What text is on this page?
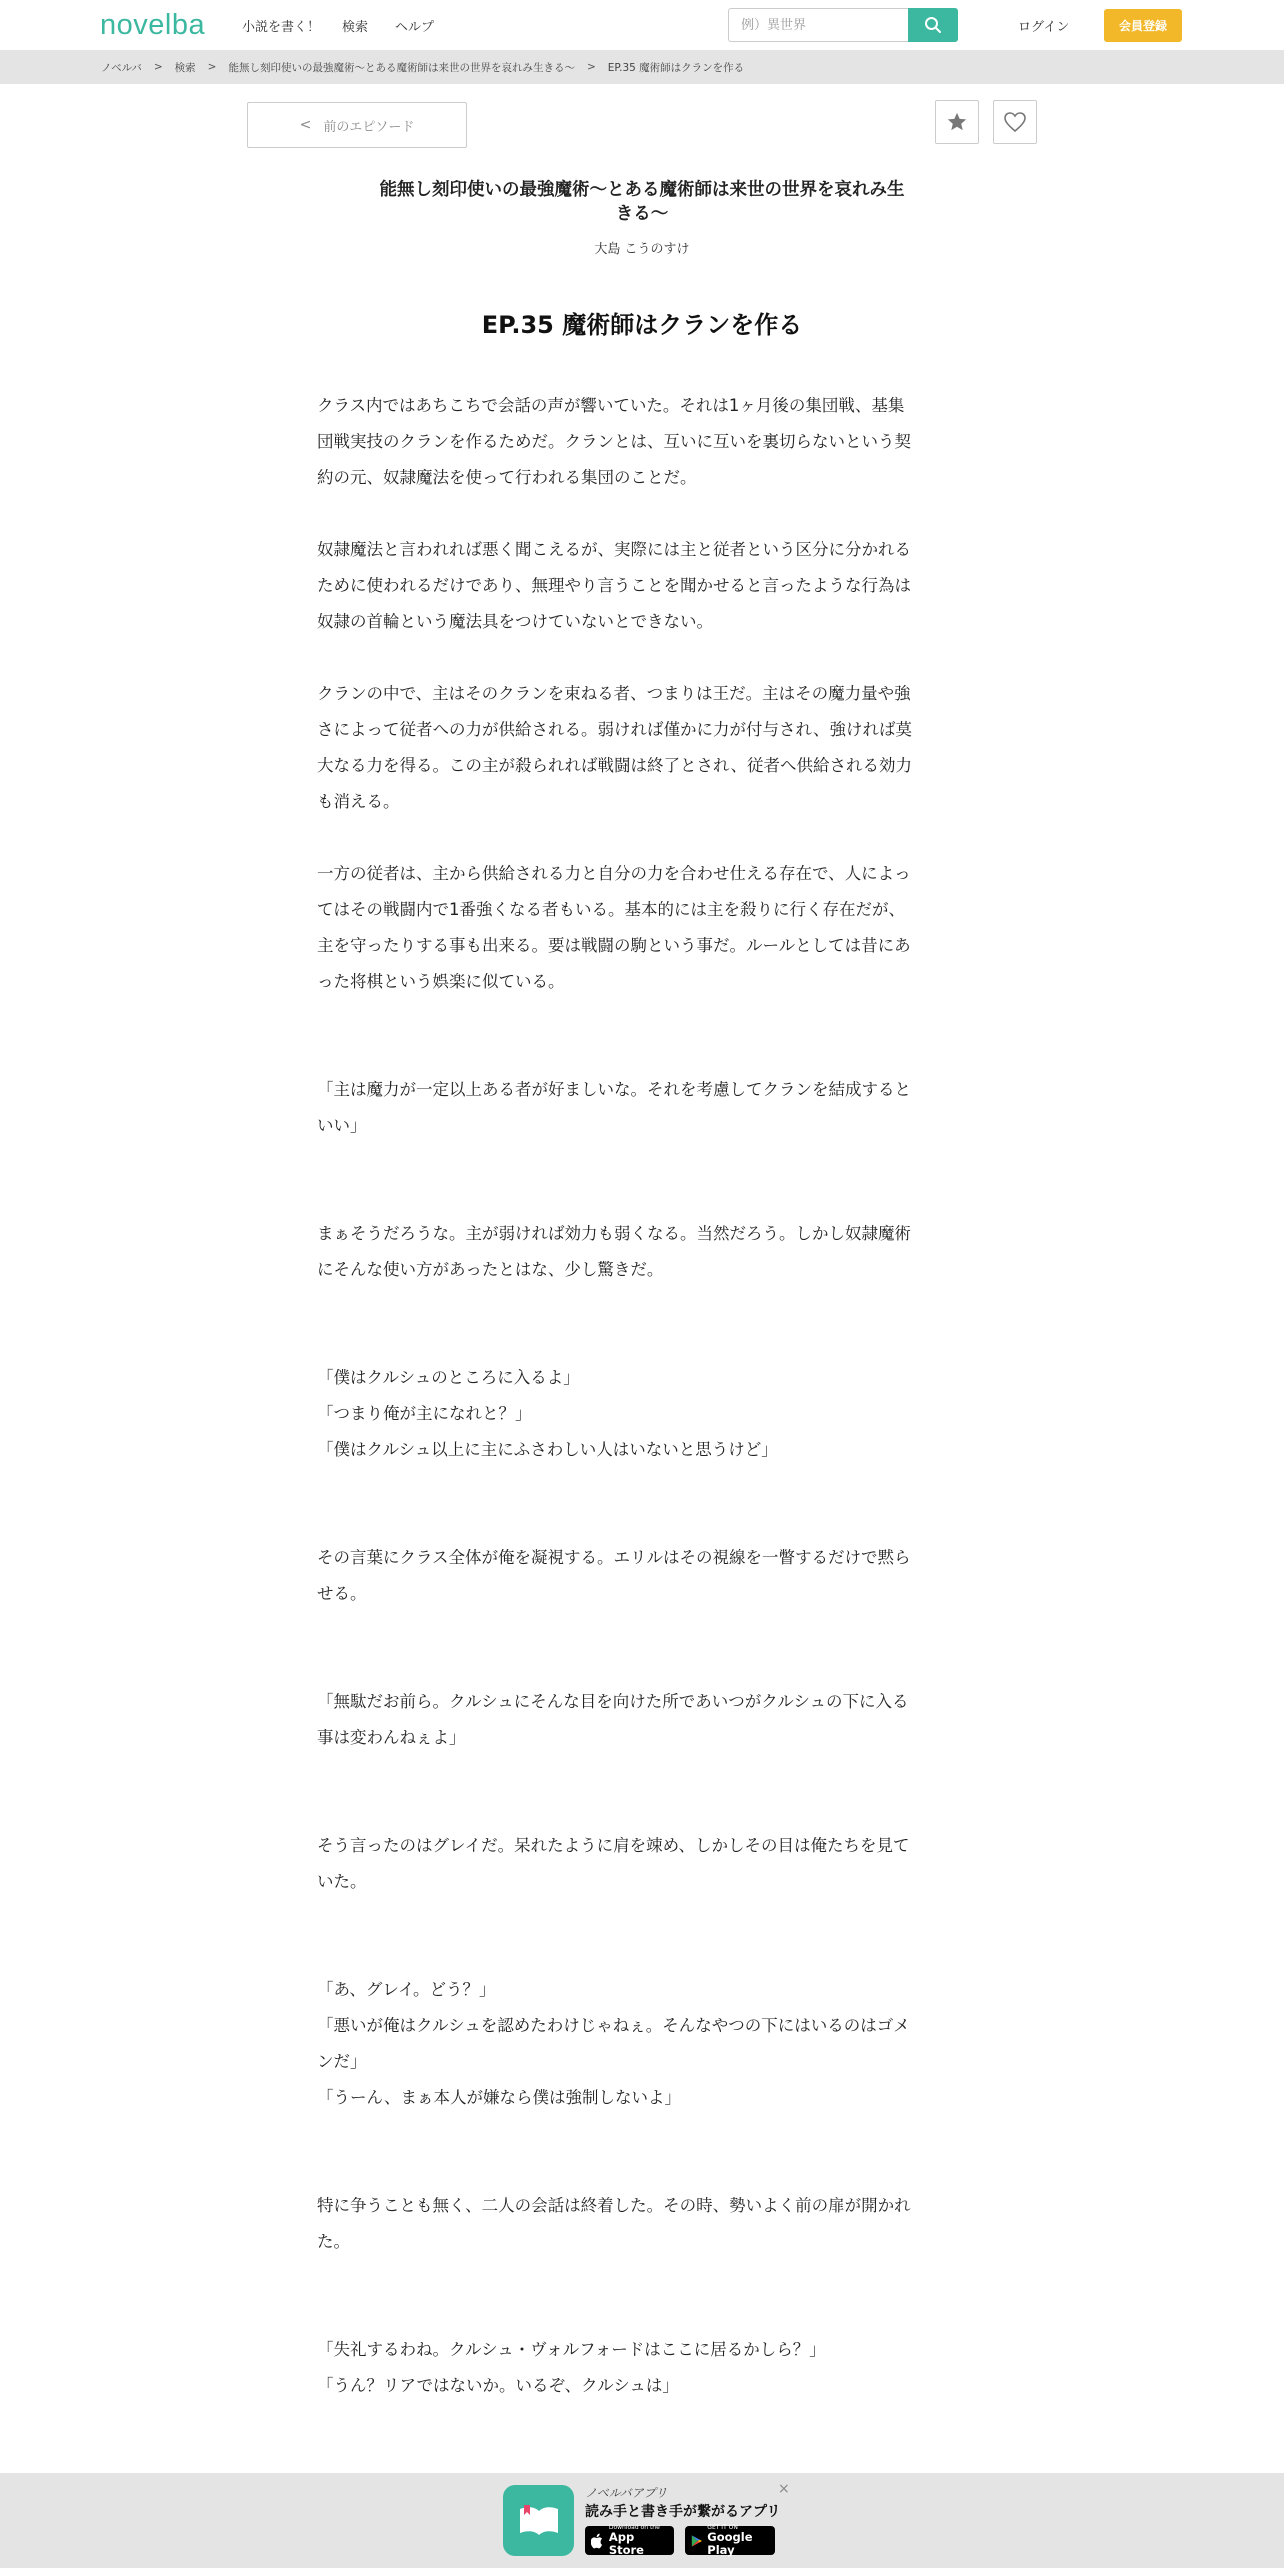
novelba	小説を書く！ 検索 ヘルプ
例）異世界	ログイン	会員登録
ノベルバ > 検索 > 能無し刻印使いの最強魔術〜とある魔術師は来世の世界を哀れみ生きる〜 > EP.35 魔術師はクランを作る
< 前のエピソード
能無し刻印使いの最強魔術〜とある魔術師は来世の世界を哀れみ生
きる〜
大島 こうのすけ
EP.35 魔術師はクランを作る
クラス内ではあちこちで会話の声が響いていた。それは1ヶ月後の集団戦、基集
団戦実技のクランを作るためだ。クランとは、互いに互いを裏切らないという契
約の元、奴隷魔法を使って行われる集団のことだ。
奴隷魔法と言われれば悪く聞こえるが、実際には主と従者という区分に分かれる
ために使われるだけであり、無理やり言うことを聞かせると言ったような行為は
奴隷の首輪という魔法具をつけていないとできない。
クランの中で、主はそのクランを束ねる者、つまりは王だ。主はその魔力量や強
さによって従者への力が供給される。弱ければ僅かに力が付与され、強ければ莫
大なる力を得る。この主が殺られれば戦闘は終了とされ、従者へ供給される効力
も消える。
一方の従者は、主から供給される力と自分の力を合わせ仕える存在で、人によっ
てはその戦闘内で1番強くなる者もいる。基本的には主を殺りに行く存在だが、
主を守ったりする事も出来る。要は戦闘の駒という事だ。ルールとしては昔にあ
った将棋という娯楽に似ている。
「主は魔力が一定以上ある者が好ましいな。それを考慮してクランを結成すると
いい」
まぁそうだろうな。主が弱ければ効力も弱くなる。当然だろう。しかし奴隷魔術
にそんな使い方があったとはな、少し驚きだ。
「僕はクルシュのところに入るよ」
「つまり俺が主になれと？」
「僕はクルシュ以上に主にふさわしい人はいないと思うけど」
その言葉にクラス全体が俺を凝視する。エリルはその視線を一瞥するだけで黙ら
せる。
「無駄だお前ら。クルシュにそんな目を向けた所であいつがクルシュの下に入る
事は変わんねぇよ」
そう言ったのはグレイだ。呆れたように肩を竦め、しかしその目は俺たちを見て
いた。
「あ、グレイ。どう？」
「悪いが俺はクルシュを認めたわけじゃねぇ。そんなやつの下にはいるのはゴメ
ンだ」
「うーん、まぁ本人が嫌なら僕は強制しないよ」
特に争うことも無く、二人の会話は終着した。その時、勢いよく前の扉が開かれ
た。
「失礼するわね。クルシュ・ヴォルフォードはここに居るかしら？」
「うん？リアではないか。いるぞ、クルシュは」
ノベルバアプリ
読み手と書き手が繋がるアプリ
×
Download on the
App Store
GET IT ON
Google Play
